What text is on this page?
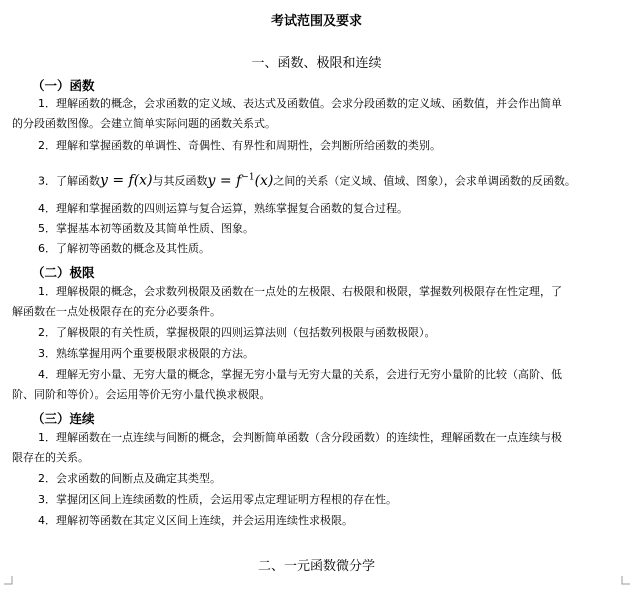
考试范围及要求
一、函数、极限和连续
（一）函数
1．理解函数的概念，会求函数的定义域、表达式及函数值。会求分段函数的定义域、函数值，并会作出简单
的分段函数图像。会建立简单实际问题的函数关系式。
2．理解和掌握函数的单调性、奇偶性、有界性和周期性，会判断所给函数的类别。
3．了解函数y = f(x)与其反函数$y = f^{-1}(x)$之间的关系（定义域、值域、图象），会求单调函数的反函数。
4．理解和掌握函数的四则运算与复合运算，熟练掌握复合函数的复合过程。
5．掌握基本初等函数及其简单性质、图象。
6．了解初等函数的概念及其性质。
（二）极限
1．理解极限的概念，会求数列极限及函数在一点处的左极限、右极限和极限，掌握数列极限存在性定理，了
解函数在一点处极限存在的充分必要条件。
2．了解极限的有关性质，掌握极限的四则运算法则（包括数列极限与函数极限）。
3．熟练掌握用两个重要极限求极限的方法。
4．理解无穷小量、无穷大量的概念，掌握无穷小量与无穷大量的关系，会进行无穷小量阶的比较（高阶、低
阶、同阶和等价）。会运用等价无穷小量代换求极限。
（三）连续
1．理解函数在一点连续与间断的概念，会判断简单函数（含分段函数）的连续性，理解函数在一点连续与极
限存在的关系。
2．会求函数的间断点及确定其类型。
3．掌握闭区间上连续函数的性质，会运用零点定理证明方程根的存在性。
4．理解初等函数在其定义区间上连续，并会运用连续性求极限。
二、一元函数微分学
